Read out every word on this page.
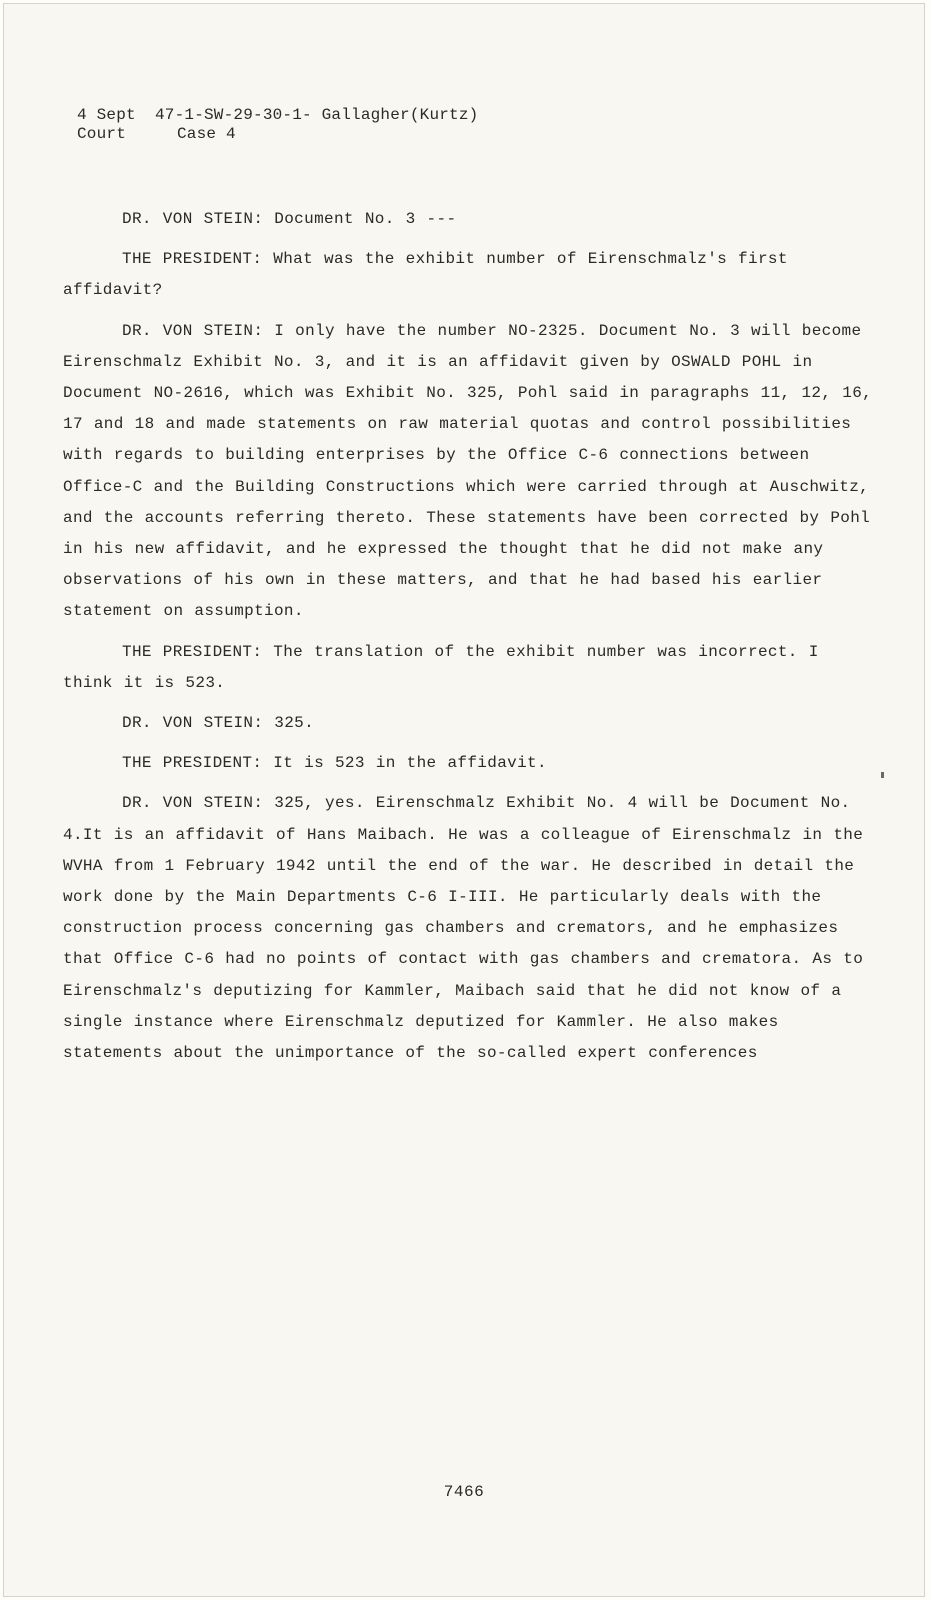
4 Sept 47-1-SW-29-30-1- Gallagher(Kurtz)
Court	Case 4

DR. VON STEIN: Document No. 3 ---

THE PRESIDENT: What was the exhibit number of Eirenschmalz's first affidavit?

DR. VON STEIN: I only have the number NO-2325. Document No. 3 will become Eirenschmalz Exhibit No. 3, and it is an affidavit given by OSWALD POHL in Document NO-2616, which was Exhibit No. 325, Pohl said in paragraphs 11, 12, 16, 17 and 18 and made statements on raw material quotas and control possibilities with regards to building enterprises by the Office C-6 connections between Office-C and the Building Constructions which were carried through at Auschwitz, and the accounts referring thereto. These statements have been corrected by Pohl in his new affidavit, and he expressed the thought that he did not make any observations of his own in these matters, and that he had based his earlier statement on assumption.

THE PRESIDENT: The translation of the exhibit number was incorrect. I think it is 523.

DR. VON STEIN: 325.

THE PRESIDENT: It is 523 in the affidavit.

DR. VON STEIN: 325, yes. Eirenschmalz Exhibit No. 4 will be Document No. 4.It is an affidavit of Hans Maibach. He was a colleague of Eirenschmalz in the WVHA from 1 February 1942 until the end of the war. He described in detail the work done by the Main Departments C-6 I-III. He particularly deals with the construction process concerning gas chambers and cremators, and he emphasizes that Office C-6 had no points of contact with gas chambers and crematora. As to Eirenschmalz's deputizing for Kammler, Maibach said that he did not know of a single instance where Eirenschmalz deputized for Kammler. He also makes statements about the unimportance of the so-called expert conferences

7466
